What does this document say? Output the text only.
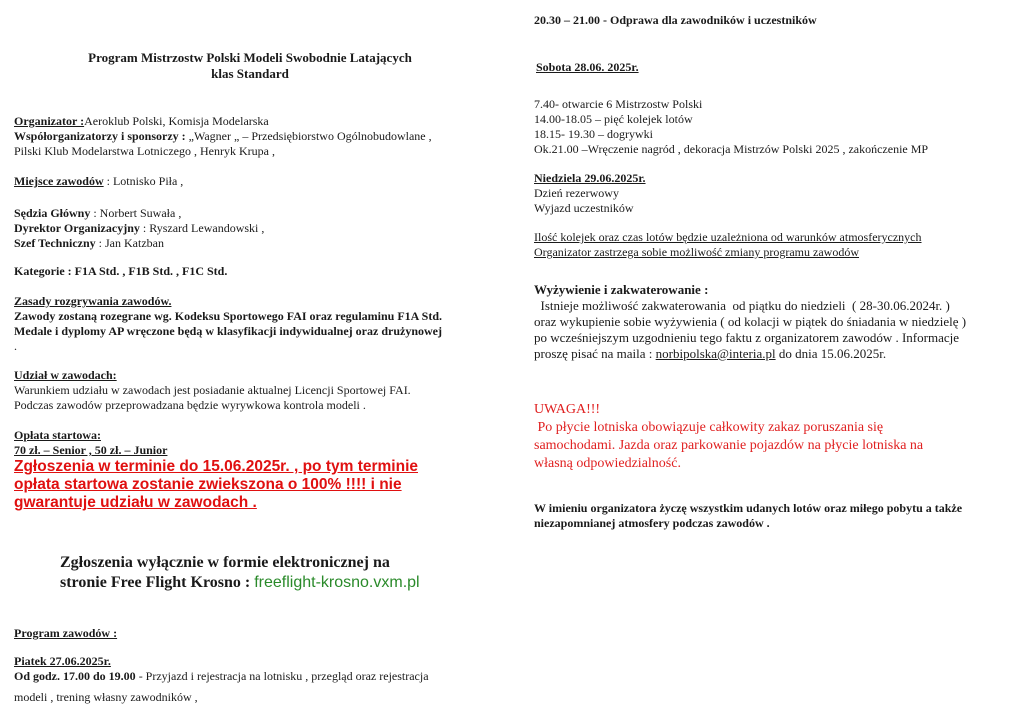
Program Mistrzostw Polski Modeli Swobodnie Latających
klas Standard
Organizator :Aeroklub Polski, Komisja Modelarska
Współorganizatorzy i sponsorzy : „Wagner „ – Przedsiębiorstwo Ogólnobudowlane ,
Pilski Klub Modelarstwa Lotniczego , Henryk Krupa ,
Miejsce zawodów : Lotnisko Piła ,
Sędzia Główny : Norbert Suwała ,
Dyrektor Organizacyjny : Ryszard Lewandowski ,
Szef Techniczny : Jan Katzban
Kategorie : F1A Std. , F1B Std. , F1C Std.
Zasady rozgrywania zawodów.
Zawody zostaną rozegrane wg. Kodeksu Sportowego FAI oraz regulaminu F1A Std.
Medale i dyplomy AP wręczone będą w klasyfikacji indywidualnej oraz drużynowej
.
Udział w zawodach:
Warunkiem udziału w zawodach jest posiadanie aktualnej Licencji Sportowej FAI.
Podczas zawodów przeprowadzana będzie wyrywkowa kontrola modeli .
Opłata startowa:
70 zł. – Senior , 50 zł. – Junior
Zgłoszenia w terminie do 15.06.2025r. , po tym terminie
opłata startowa zostanie zwiekszona o 100% !!!! i nie
gwarantuje udziału w zawodach .
Zgłoszenia wyłącznie w formie elektronicznej na
stronie Free Flight Krosno : freeflight-krosno.vxm.pl
Program zawodów :
Piatek 27.06.2025r.
Od godz. 17.00 do 19.00 - Przyjazd i rejestracja na lotnisku , przegląd oraz rejestracja
modeli , trening własny zawodników ,
20.30 – 21.00 - Odprawa dla zawodników i uczestników
Sobota 28.06. 2025r.
7.40- otwarcie 6 Mistrzostw Polski
14.00-18.05 – pięć kolejek lotów
18.15- 19.30 – dogrywki
Ok.21.00 –Wręczenie nagród , dekoracja Mistrzów Polski 2025 , zakończenie MP
Niedziela 29.06.2025r.
Dzień rezerwowy
Wyjazd uczestników
Ilość kolejek oraz czas lotów będzie uzależniona od warunków atmosferycznych
Organizator zastrzega sobie możliwość zmiany programu zawodów
Wyżywienie i zakwaterowanie :
Istnieje możliwość zakwaterowania  od piątku do niedzieli  ( 28-30.06.2024r. )
oraz wykupienie sobie wyżywienia ( od kolacji w piątek do śniadania w niedzielę )
po wcześniejszym uzgodnieniu tego faktu z organizatorem zawodów . Informacje
proszę pisać na maila : norbipolska@interia.pl do dnia 15.06.2025r.
UWAGA!!!
Po płycie lotniska obowiązuje całkowity zakaz poruszania się
samochodami. Jazda oraz parkowanie pojazdów na płycie lotniska na
własną odpowiedzialność.
W imieniu organizatora życzę wszystkim udanych lotów oraz miłego pobytu a także
niezapomnianej atmosfery podczas zawodów .
